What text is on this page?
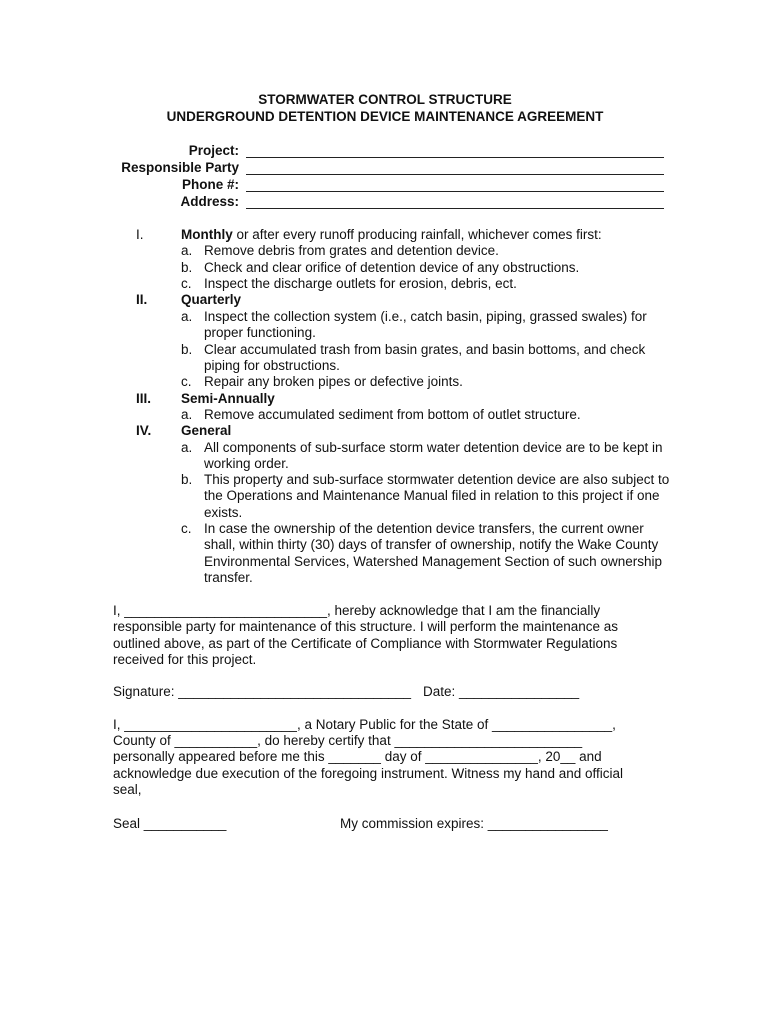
STORMWATER CONTROL STRUCTURE
UNDERGROUND DETENTION DEVICE MAINTENANCE AGREEMENT
Project:
Responsible Party
Phone #:
Address:
I.	Monthly or after every runoff producing rainfall, whichever comes first:
a. Remove debris from grates and detention device.
b. Check and clear orifice of detention device of any obstructions.
c. Inspect the discharge outlets for erosion, debris, ect.
II. Quarterly
a. Inspect the collection system (i.e., catch basin, piping, grassed swales) for proper functioning.
b. Clear accumulated trash from basin grates, and basin bottoms, and check piping for obstructions.
c. Repair any broken pipes or defective joints.
III. Semi-Annually
a. Remove accumulated sediment from bottom of outlet structure.
IV. General
a. All components of sub-surface storm water detention device are to be kept in working order.
b. This property and sub-surface stormwater detention device are also subject to the Operations and Maintenance Manual filed in relation to this project if one exists.
c. In case the ownership of the detention device transfers, the current owner shall, within thirty (30) days of transfer of ownership, notify the Wake County Environmental Services, Watershed Management Section of such ownership transfer.
I, ___________________________, hereby acknowledge that I am the financially responsible party for maintenance of this structure. I will perform the maintenance as outlined above, as part of the Certificate of Compliance with Stormwater Regulations received for this project.
Signature: _______________________________ Date: ________________
I, _______________________, a Notary Public for the State of ________________,
County of ___________, do hereby certify that _________________________
personally appeared before me this _______ day of _______________, 20__ and
acknowledge due execution of the foregoing instrument. Witness my hand and official
seal,
Seal ___________	My commission expires: ________________
